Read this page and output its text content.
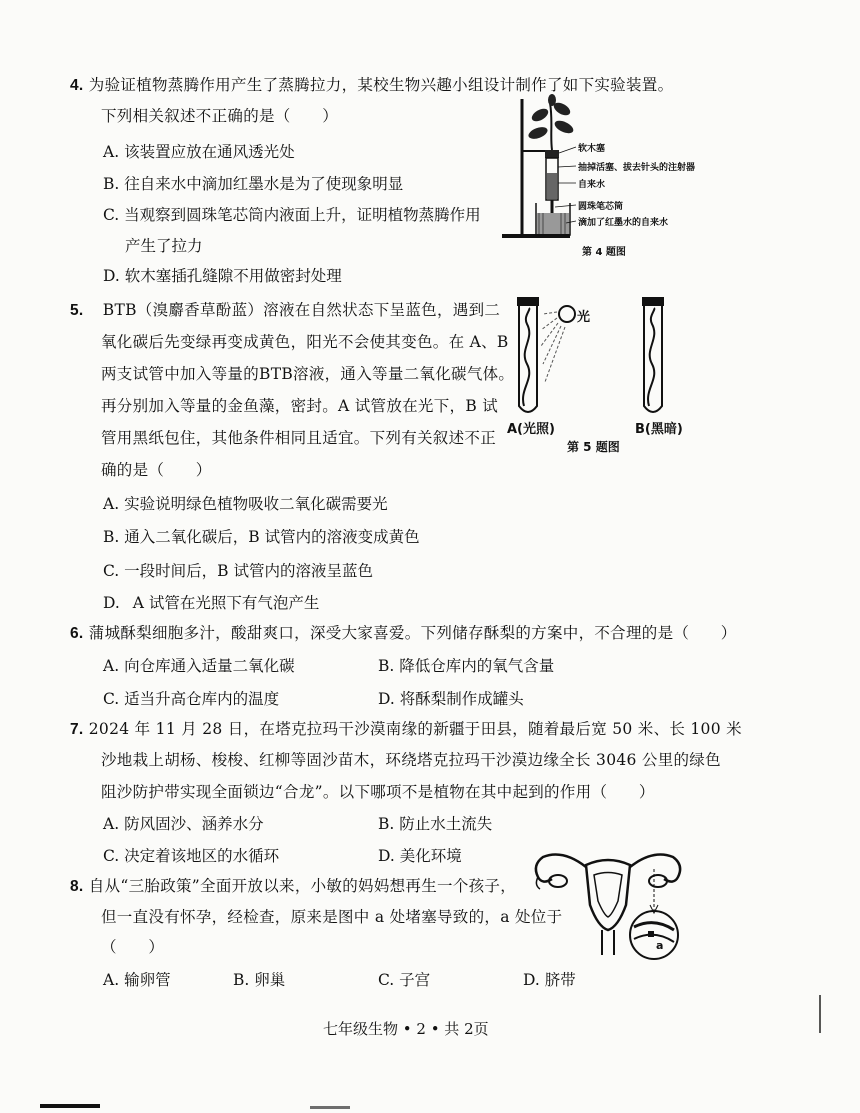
4. 为验证植物蒸腾作用产生了蒸腾拉力，某校生物兴趣小组设计制作了如下实验装置。
下列相关叙述不正确的是（　　）
A. 该装置应放在通风透光处
B. 往自来水中滴加红墨水是为了使现象明显
C. 当观察到圆珠笔芯筒内液面上升，证明植物蒸腾作用
产生了拉力
D. 软木塞插孔缝隙不用做密封处理
软木塞
抽掉活塞、拔去针头的注射器
自来水
圆珠笔芯筒
滴加了红墨水的自来水
第 4 题图
5. BTB（溴麝香草酚蓝）溶液在自然状态下呈蓝色，遇到二
氧化碳后先变绿再变成黄色，阳光不会使其变色。在 A、B
两支试管中加入等量的BTB溶液，通入等量二氧化碳气体。
再分别加入等量的金鱼藻，密封。A 试管放在光下，B 试
管用黑纸包住，其他条件相同且适宜。下列有关叙述不正
确的是（　　）
A. 实验说明绿色植物吸收二氧化碳需要光
B. 通入二氧化碳后，B 试管内的溶液变成黄色
C. 一段时间后，B 试管内的溶液呈蓝色
D. A 试管在光照下有气泡产生
光
A(光照)	B(黑暗)
第 5 题图
6. 蒲城酥梨细胞多汁，酸甜爽口，深受大家喜爱。下列储存酥梨的方案中，不合理的是（　　）
A. 向仓库通入适量二氧化碳	B. 降低仓库内的氧气含量
C. 适当升高仓库内的温度	D. 将酥梨制作成罐头
7. 2024 年 11 月 28 日，在塔克拉玛干沙漠南缘的新疆于田县，随着最后宽 50 米、长 100 米
沙地栽上胡杨、梭梭、红柳等固沙苗木，环绕塔克拉玛干沙漠边缘全长 3046 公里的绿色
阻沙防护带实现全面锁边“合龙”。以下哪项不是植物在其中起到的作用（　　）
A. 防风固沙、涵养水分	B. 防止水土流失
C. 决定着该地区的水循环	D. 美化环境
8. 自从“三胎政策”全面开放以来，小敏的妈妈想再生一个孩子，
但一直没有怀孕，经检查，原来是图中 a 处堵塞导致的，a 处位于
（　　）
A. 输卵管	B. 卵巢	C. 子宫	D. 脐带
a
七年级生物 • 2 • 共 2页
